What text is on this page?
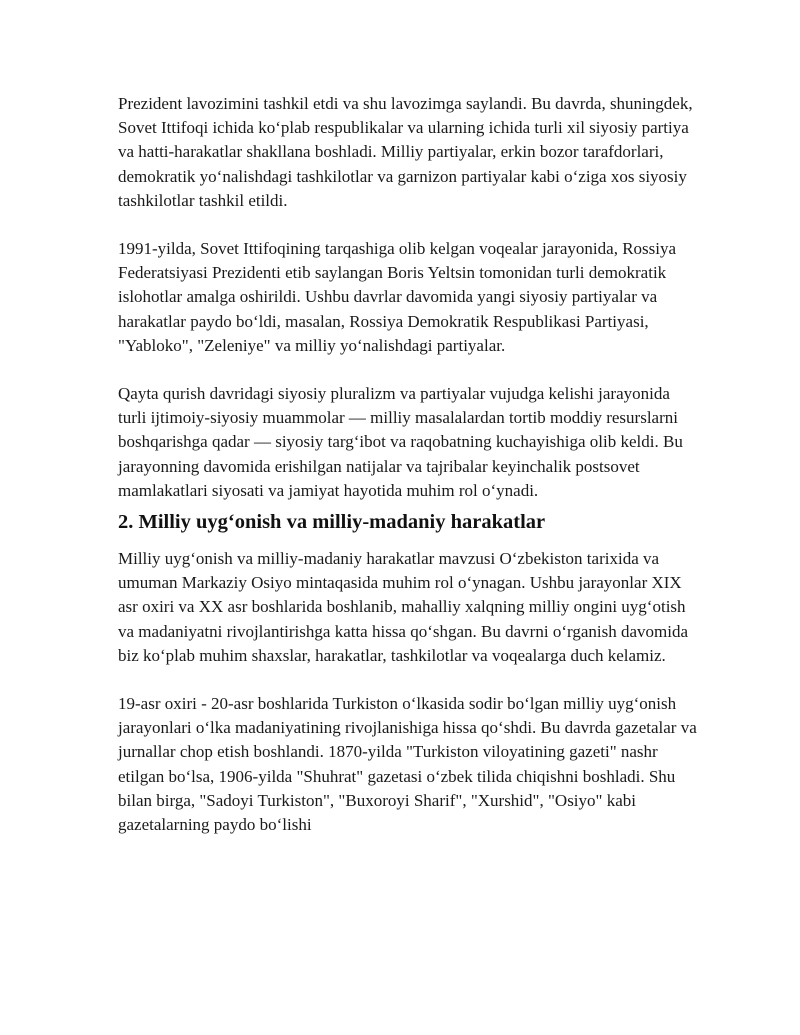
Prezident lavozimini tashkil etdi va shu lavozimga saylandi. Bu davrda, shuningdek, Sovet Ittifoqi ichida koʻplab respublikalar va ularning ichida turli xil siyosiy partiya va hatti-harakatlar shakllana boshladi. Milliy partiyalar, erkin bozor tarafdorlari, demokratik yoʻnalishdagi tashkilotlar va garnizon partiyalar kabi oʻziga xos siyosiy tashkilotlar tashkil etildi.

1991-yilda, Sovet Ittifoqining tarqashiga olib kelgan voqealar jarayonida, Rossiya Federatsiyasi Prezidenti etib saylangan Boris Yeltsin tomonidan turli demokratik islohotlar amalga oshirildi. Ushbu davrlar davomida yangi siyosiy partiyalar va harakatlar paydo boʻldi, masalan, Rossiya Demokratik Respublikasi Partiyasi, "Yabloko", "Zeleniye" va milliy yoʻnalishdagi partiyalar.

Qayta qurish davridagi siyosiy pluralizm va partiyalar vujudga kelishi jarayonida turli ijtimoiy-siyosiy muammolar — milliy masalalardan tortib moddiy resurslarni boshqarishga qadar — siyosiy targʻibot va raqobatning kuchayishiga olib keldi. Bu jarayonning davomida erishilgan natijalar va tajribalar keyinchalik postsovet mamlakatlari siyosati va jamiyat hayotida muhim rol oʻynadi.

2. Milliy uygʻonish va milliy-madaniy harakatlar

Milliy uygʻonish va milliy-madaniy harakatlar mavzusi Oʻzbekiston tarixida va umuman Markaziy Osiyo mintaqasida muhim rol oʻynagan. Ushbu jarayonlar XIX asr oxiri va XX asr boshlarida boshlanib, mahalliy xalqning milliy ongini uygʻotish va madaniyatni rivojlantirishga katta hissa qoʻshgan. Bu davrni oʻrganish davomida biz koʻplab muhim shaxslar, harakatlar, tashkilotlar va voqealarga duch kelamiz.

19-asr oxiri - 20-asr boshlarida Turkiston oʻlkasida sodir boʻlgan milliy uygʻonish jarayonlari oʻlka madaniyatining rivojlanishiga hissa qoʻshdi. Bu davrda gazetalar va jurnallar chop etish boshlandi. 1870-yilda "Turkiston viloyatining gazeti" nashr etilgan boʻlsa, 1906-yilda "Shuhrat" gazetasi oʻzbek tilida chiqishni boshladi. Shu bilan birga, "Sadoyi Turkiston", "Buxoroyi Sharif", "Xurshid", "Osiyo" kabi gazetalarning paydo boʻlishi
